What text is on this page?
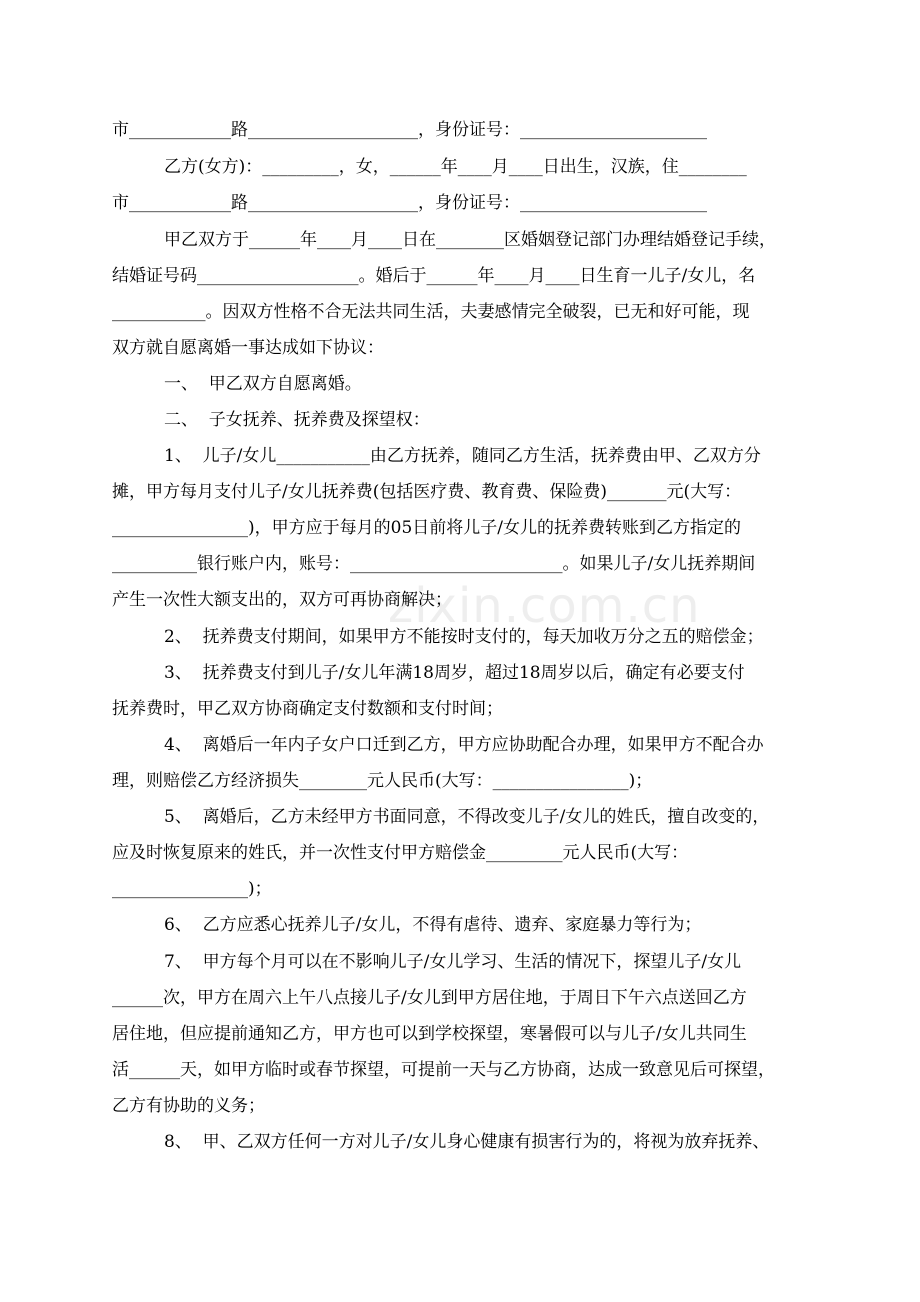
zixin.com.cn
市____________路____________________，身份证号：______________________
乙方(女方)：_________，女，______年____月____日出生，汉族，住________
市____________路____________________，身份证号：______________________
甲乙双方于______年____月____日在________区婚姻登记部门办理结婚登记手续，
结婚证号码___________________。婚后于______年____月____日生育一儿子/女儿，名
___________。因双方性格不合无法共同生活，夫妻感情完全破裂，已无和好可能，现
双方就自愿离婚一事达成如下协议：
一、  甲乙双方自愿离婚。
二、  子女抚养、抚养费及探望权：
1、  儿子/女儿___________由乙方抚养，随同乙方生活，抚养费由甲、乙双方分
摊，甲方每月支付儿子/女儿抚养费(包括医疗费、教育费、保险费)_______元(大写：
________________)，甲方应于每月的05日前将儿子/女儿的抚养费转账到乙方指定的
__________银行账户内，账号：_________________________。如果儿子/女儿抚养期间
产生一次性大额支出的，双方可再协商解决；
2、  抚养费支付期间，如果甲方不能按时支付的，每天加收万分之五的赔偿金；
3、  抚养费支付到儿子/女儿年满18周岁，超过18周岁以后，确定有必要支付
抚养费时，甲乙双方协商确定支付数额和支付时间；
4、  离婚后一年内子女户口迁到乙方，甲方应协助配合办理，如果甲方不配合办
理，则赔偿乙方经济损失________元人民币(大写：________________)；
5、  离婚后，乙方未经甲方书面同意，不得改变儿子/女儿的姓氏，擅自改变的，
应及时恢复原来的姓氏，并一次性支付甲方赔偿金_________元人民币(大写：
________________)；
6、  乙方应悉心抚养儿子/女儿，不得有虐待、遗弃、家庭暴力等行为；
7、  甲方每个月可以在不影响儿子/女儿学习、生活的情况下，探望儿子/女儿
______次，甲方在周六上午八点接儿子/女儿到甲方居住地，于周日下午六点送回乙方
居住地，但应提前通知乙方，甲方也可以到学校探望，寒暑假可以与儿子/女儿共同生
活______天，如甲方临时或春节探望，可提前一天与乙方协商，达成一致意见后可探望，
乙方有协助的义务；
8、  甲、乙双方任何一方对儿子/女儿身心健康有损害行为的，将视为放弃抚养、
